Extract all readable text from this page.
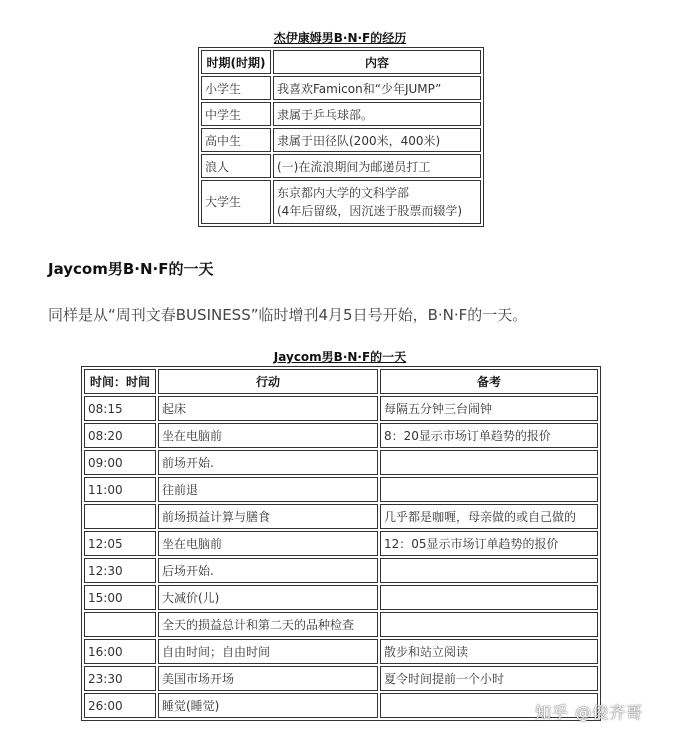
杰伊康姆男B·N·F的经历
时期(时期)	内容
小学生	我喜欢Famicon和“少年JUMP”

中学生	隶属于乒乓球部。

高中生	隶属于田径队(200米，400米)

浪人	(一)在流浪期间为邮递员打工

大学生	东京都内大学的文科学部
(4年后留级，因沉迷于股票而辍学)
Jaycom男B·N·F的一天
同样是从“周刊文春BUSINESS”临时增刊4月5日号开始，B·N·F的一天。
Jaycom男B·N·F的一天
时间：时间	行动	备考
08:15	起床	每隔五分钟三台闹钟
08:20	坐在电脑前	8：20显示市场订单趋势的报价
09:00	前场开始.	
11:00	往前退	
	前场损益计算与膳食	几乎都是咖喱，母亲做的或自己做的
12:05	坐在电脑前	12：05显示市场订单趋势的报价
12:30	后场开始.	
15:00	大减价(儿)	
	全天的损益总计和第二天的品种检查	
16:00	自由时间；自由时间	散步和站立阅读
23:30	美国市场开场	夏令时间提前一个小时
26:00	睡觉(睡觉)		知乎 @俊齐哥
